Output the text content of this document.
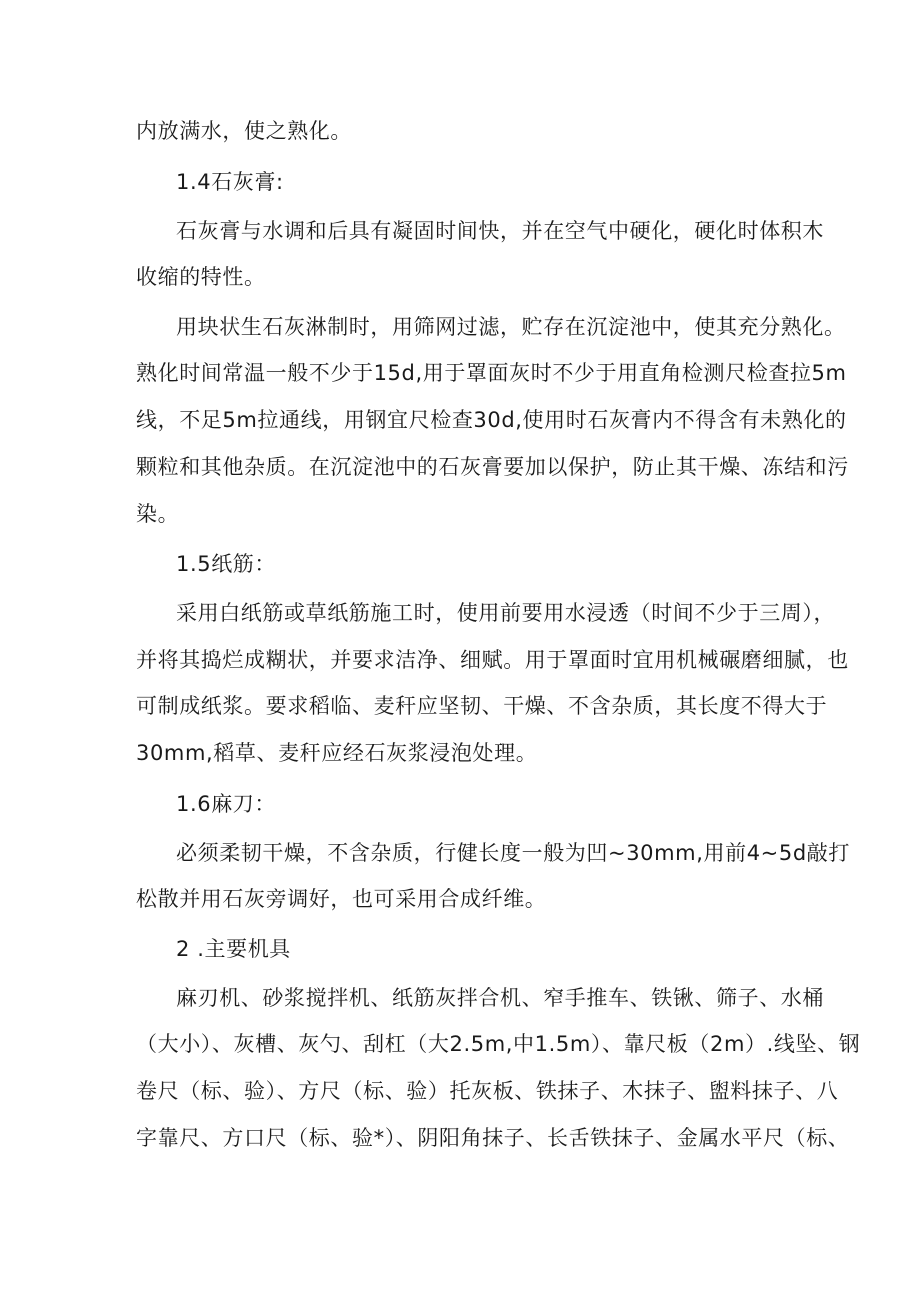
内放满水，使之熟化。
1.4石灰膏:
石灰膏与水调和后具有凝固时间快，并在空气中硬化，硬化时体积木
收缩的特性。
用块状生石灰淋制时，用筛网过滤，贮存在沉淀池中，使其充分熟化。
熟化时间常温一般不少于15d,用于罩面灰时不少于用直角检测尺检查拉5m
线，不足5m拉通线，用钢宜尺检查30d,使用时石灰膏内不得含有未熟化的
颗粒和其他杂质。在沉淀池中的石灰膏要加以保护，防止其干燥、冻结和污
染。
1.5纸筋：
采用白纸筋或草纸筋施工时，使用前要用水浸透（时间不少于三周），
并将其捣烂成糊状，并要求洁净、细赋。用于罩面时宜用机械碾磨细腻，也
可制成纸浆。要求稻临、麦秆应坚韧、干燥、不含杂质，其长度不得大于
30mm,稻草、麦秆应经石灰浆浸泡处理。
1.6麻刀：
必须柔韧干燥，不含杂质，行健长度一般为凹~30mm,用前4~5d敲打
松散并用石灰旁调好，也可采用合成纤维。
2 .主要机具
麻刃机、砂浆搅拌机、纸筋灰拌合机、窄手推车、铁锹、筛子、水桶
（大小）、灰槽、灰勺、刮杠（大2.5m,中1.5m）、靠尺板（2m）.线坠、钢
卷尺（标、验）、方尺（标、验）托灰板、铁抹子、木抹子、盥料抹子、八
字靠尺、方口尺（标、验*）、阴阳角抹子、长舌铁抹子、金属水平尺（标、
